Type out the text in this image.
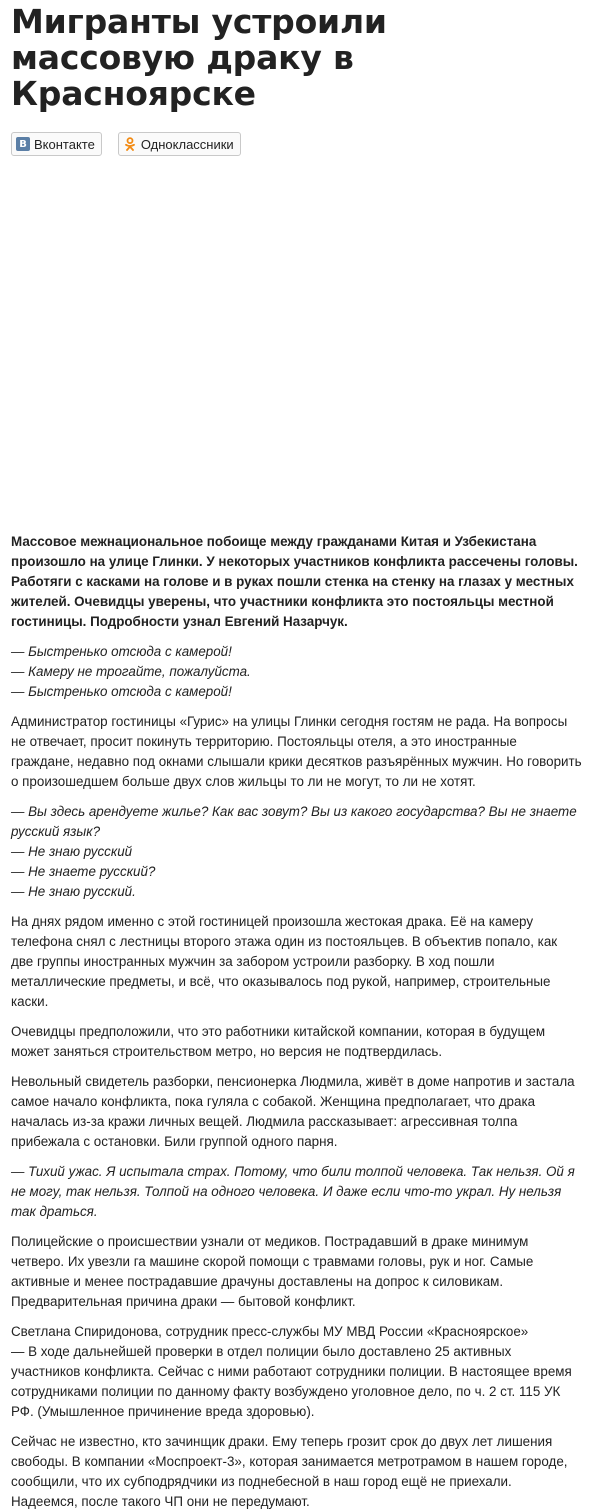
Мигранты устроили массовую драку в Красноярске
В Вконтакте	Одноклассники

Массовое межнациональное побоище между гражданами Китая и Узбекистана произошло на улице Глинки. У некоторых участников конфликта рассечены головы. Работяги с касками на голове и в руках пошли стенка на стенку на глазах у местных жителей. Очевидцы уверены, что участники конфликта это постояльцы местной гостиницы. Подробности узнал Евгений Назарчук.

— Быстренько отсюда с камерой!
— Камеру не трогайте, пожалуйста.
— Быстренько отсюда с камерой!

Администратор гостиницы «Гурис» на улицы Глинки сегодня гостям не рада. На вопросы не отвечает, просит покинуть территорию. Постояльцы отеля, а это иностранные граждане, недавно под окнами слышали крики десятков разъярённых мужчин. Но говорить о произошедшем больше двух слов жильцы то ли не могут, то ли не хотят.

— Вы здесь арендуете жилье? Как вас зовут? Вы из какого государства? Вы не знаете русский язык?
— Не знаю русский
— Не знаете русский?
— Не знаю русский.

На днях рядом именно с этой гостиницей произошла жестокая драка. Её на камеру телефона снял с лестницы второго этажа один из постояльцев. В объектив попало, как две группы иностранных мужчин за забором устроили разборку. В ход пошли металлические предметы, и всё, что оказывалось под рукой, например, строительные каски.

Очевидцы предположили, что это работники китайской компании, которая в будущем может заняться строительством метро, но версия не подтвердилась.

Невольный свидетель разборки, пенсионерка Людмила, живёт в доме напротив и застала самое начало конфликта, пока гуляла с собакой. Женщина предполагает, что драка началась из-за кражи личных вещей. Людмила рассказывает: агрессивная толпа прибежала с остановки. Били группой одного парня.

— Тихий ужас. Я испытала страх. Потому, что били толпой человека. Так нельзя. Ой я не могу, так нельзя. Толпой на одного человека. И даже если что-то украл. Ну нельзя так драться.

Полицейские о происшествии узнали от медиков. Пострадавший в драке минимум четверо. Их увезли га машине скорой помощи с травмами головы, рук и ног. Самые активные и менее пострадавшие драчуны доставлены на допрос к силовикам. Предварительная причина драки — бытовой конфликт.

Светлана Спиридонова, сотрудник пресс-службы МУ МВД России «Красноярское»
— В ходе дальнейшей проверки в отдел полиции было доставлено 25 активных участников конфликта. Сейчас с ними работают сотрудники полиции. В настоящее время сотрудниками полиции по данному факту возбуждено уголовное дело, по ч. 2 ст. 115 УК РФ. (Умышленное причинение вреда здоровью).

Сейчас не известно, кто зачинщик драки. Ему теперь грозит срок до двух лет лишения свободы. В компании «Моспроект-3», которая занимается метротрамом в нашем городе, сообщили, что их субподрядчики из поднебесной в наш город ещё не приехали. Надеемся, после такого ЧП они не передумают.
